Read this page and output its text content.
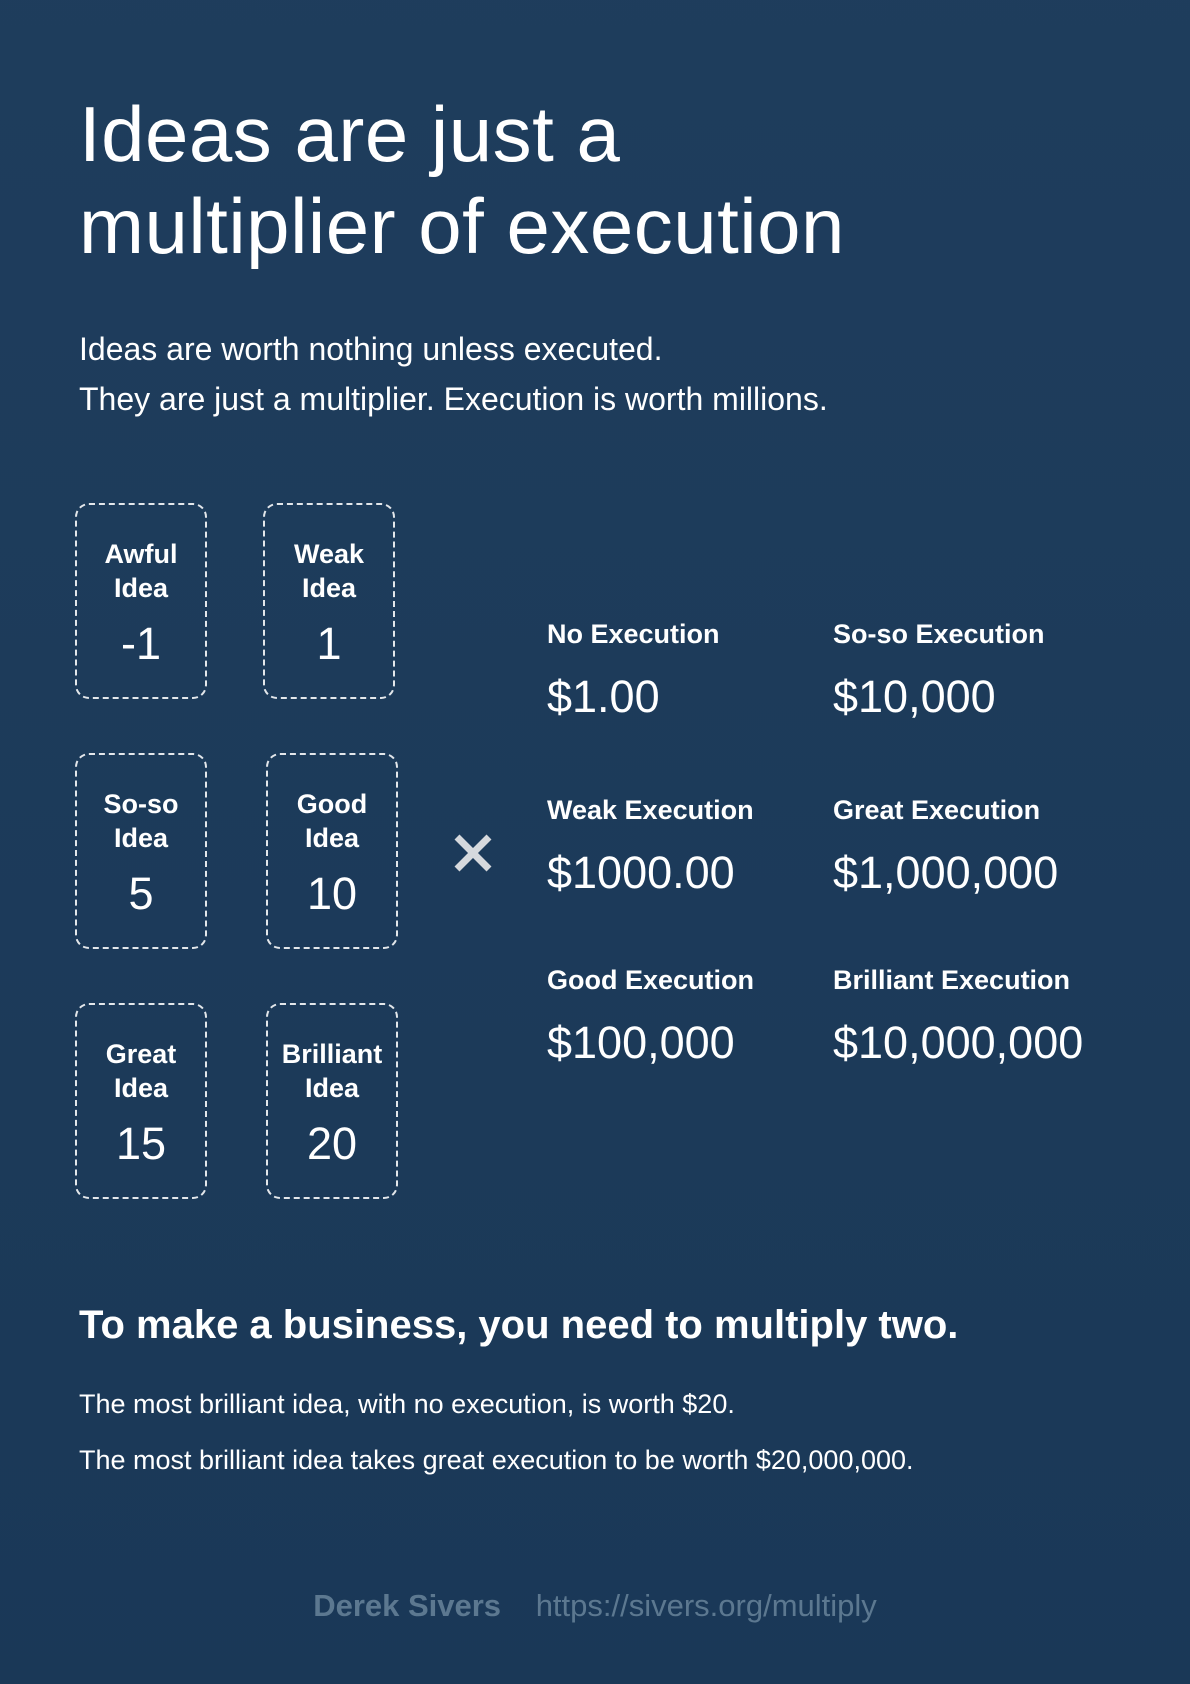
Ideas are just a
multiplier of execution
Ideas are worth nothing unless executed.
They are just a multiplier. Execution is worth millions.
Awful
Idea
-1
Weak
Idea
1
So-so
Idea
5
Good
Idea
10
Great
Idea
15
Brilliant
Idea
20
No Execution
$1.00
So-so Execution
$10,000
Weak Execution
$1000.00
Great Execution
$1,000,000
Good Execution
$100,000
Brilliant Execution
$10,000,000
To make a business, you need to multiply two.
The most brilliant idea, with no execution, is worth $20.
The most brilliant idea takes great execution to be worth $20,000,000.
Derek Sivers https://sivers.org/multiply
